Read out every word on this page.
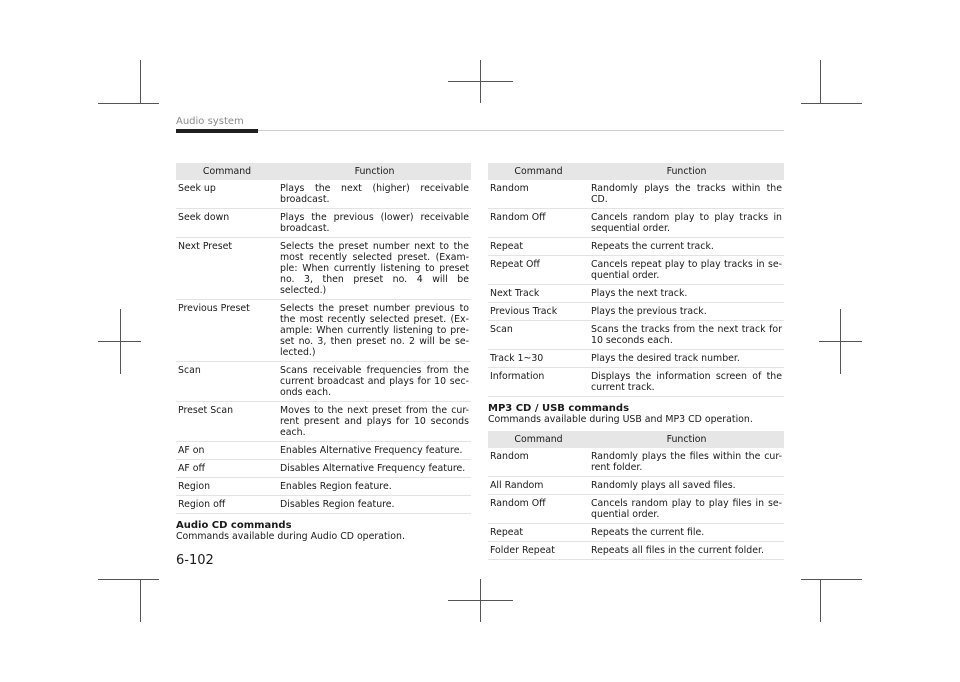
Audio system
Command	Function
Seek up	Plays the next (higher) receivable broadcast.
Seek down	Plays the previous (lower) receivable broadcast.
Next Preset	Selects the preset number next to the most recently selected preset. (Exam-ple: When currently listening to preset no. 3, then preset no. 4 will be selected.)
Previous Preset	Selects the preset number previous to the most recently selected preset. (Ex-ample: When currently listening to pre-set no. 3, then preset no. 2 will be se-lected.)
Scan	Scans receivable frequencies from the current broadcast and plays for 10 sec-onds each.
Preset Scan	Moves to the next preset from the cur-rent present and plays for 10 seconds each.
AF on	Enables Alternative Frequency feature.
AF off	Disables Alternative Frequency feature.
Region	Enables Region feature.
Region off	Disables Region feature.
Audio CD commands
Commands available during Audio CD operation.
Command	Function
Random	Randomly plays the tracks within the CD.
Random Off	Cancels random play to play tracks in sequential order.
Repeat	Repeats the current track.
Repeat Off	Cancels repeat play to play tracks in se-quential order.
Next Track	Plays the next track.
Previous Track	Plays the previous track.
Scan	Scans the tracks from the next track for 10 seconds each.
Track 1~30	Plays the desired track number.
Information	Displays the information screen of the current track.
MP3 CD / USB commands
Commands available during USB and MP3 CD operation.
Command	Function
Random	Randomly plays the files within the cur-rent folder.
All Random	Randomly plays all saved files.
Random Off	Cancels random play to play files in se-quential order.
Repeat	Repeats the current file.
Folder Repeat	Repeats all files in the current folder.
6-102
